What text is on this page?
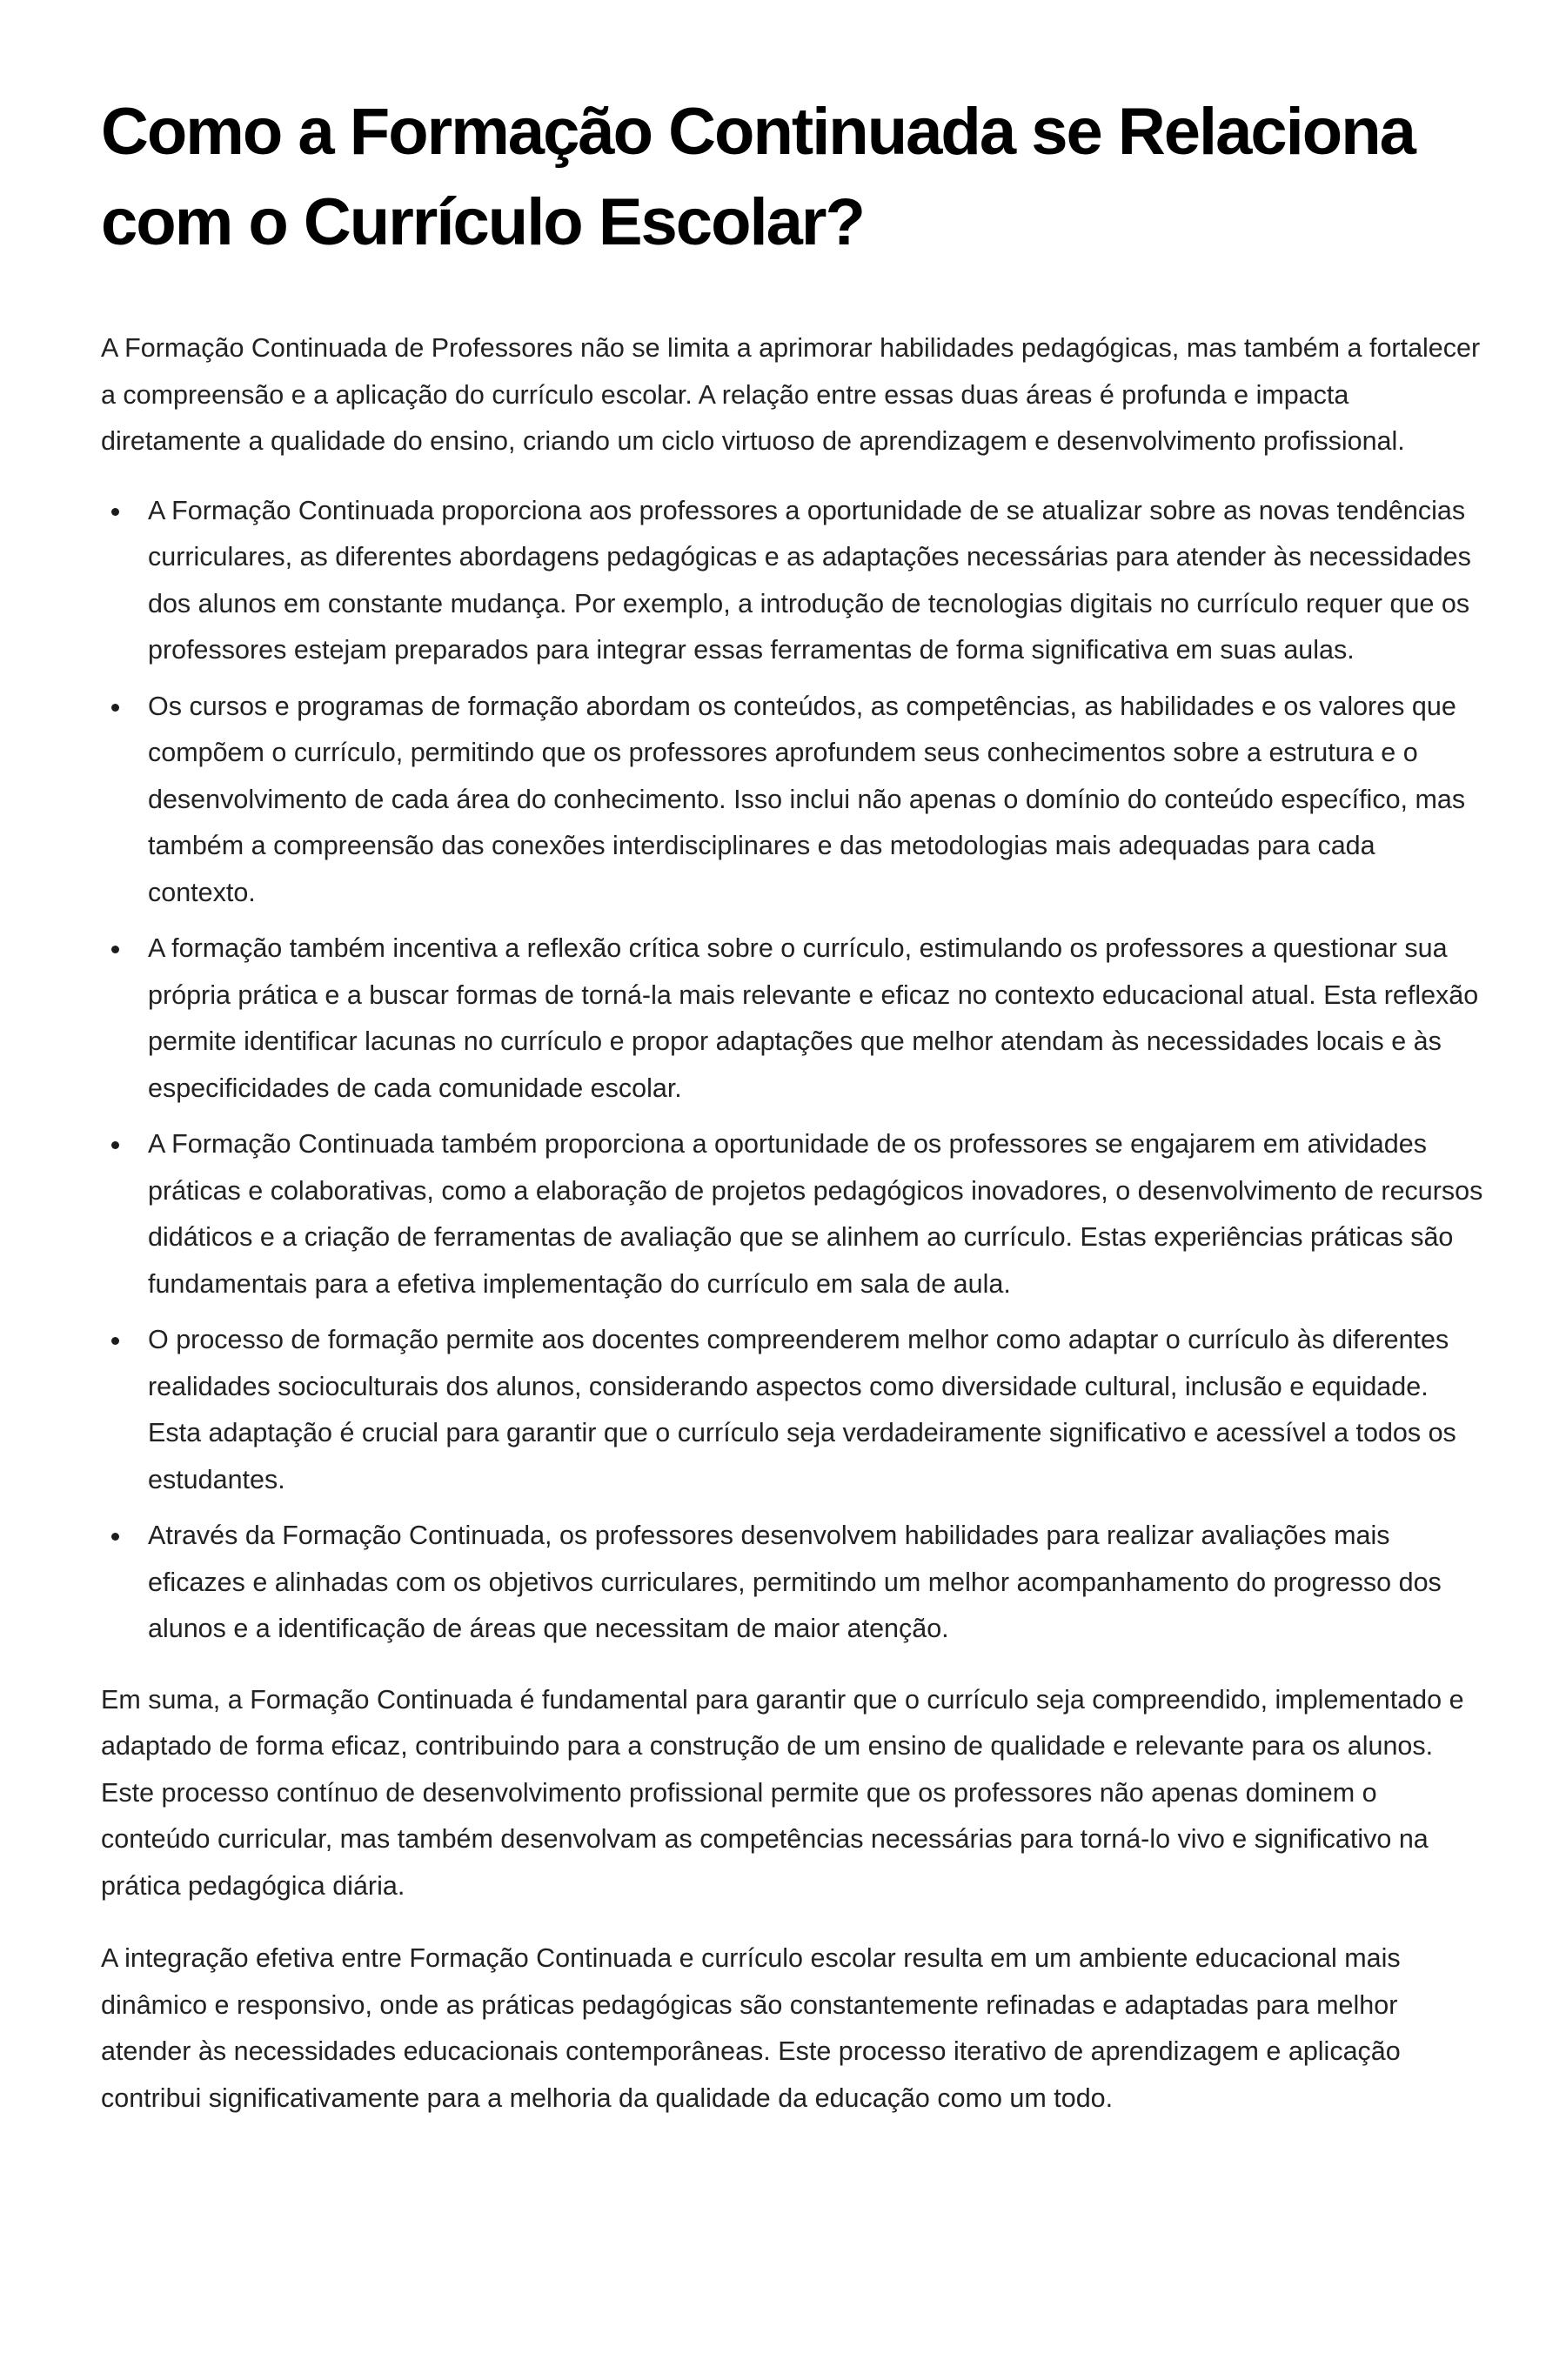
Como a Formação Continuada se Relaciona com o Currículo Escolar?

A Formação Continuada de Professores não se limita a aprimorar habilidades pedagógicas, mas também a fortalecer a compreensão e a aplicação do currículo escolar. A relação entre essas duas áreas é profunda e impacta diretamente a qualidade do ensino, criando um ciclo virtuoso de aprendizagem e desenvolvimento profissional.

A Formação Continuada proporciona aos professores a oportunidade de se atualizar sobre as novas tendências curriculares, as diferentes abordagens pedagógicas e as adaptações necessárias para atender às necessidades dos alunos em constante mudança. Por exemplo, a introdução de tecnologias digitais no currículo requer que os professores estejam preparados para integrar essas ferramentas de forma significativa em suas aulas.
Os cursos e programas de formação abordam os conteúdos, as competências, as habilidades e os valores que compõem o currículo, permitindo que os professores aprofundem seus conhecimentos sobre a estrutura e o desenvolvimento de cada área do conhecimento. Isso inclui não apenas o domínio do conteúdo específico, mas também a compreensão das conexões interdisciplinares e das metodologias mais adequadas para cada contexto.
A formação também incentiva a reflexão crítica sobre o currículo, estimulando os professores a questionar sua própria prática e a buscar formas de torná-la mais relevante e eficaz no contexto educacional atual. Esta reflexão permite identificar lacunas no currículo e propor adaptações que melhor atendam às necessidades locais e às especificidades de cada comunidade escolar.
A Formação Continuada também proporciona a oportunidade de os professores se engajarem em atividades práticas e colaborativas, como a elaboração de projetos pedagógicos inovadores, o desenvolvimento de recursos didáticos e a criação de ferramentas de avaliação que se alinhem ao currículo. Estas experiências práticas são fundamentais para a efetiva implementação do currículo em sala de aula.
O processo de formação permite aos docentes compreenderem melhor como adaptar o currículo às diferentes realidades socioculturais dos alunos, considerando aspectos como diversidade cultural, inclusão e equidade. Esta adaptação é crucial para garantir que o currículo seja verdadeiramente significativo e acessível a todos os estudantes.
Através da Formação Continuada, os professores desenvolvem habilidades para realizar avaliações mais eficazes e alinhadas com os objetivos curriculares, permitindo um melhor acompanhamento do progresso dos alunos e a identificação de áreas que necessitam de maior atenção.

Em suma, a Formação Continuada é fundamental para garantir que o currículo seja compreendido, implementado e adaptado de forma eficaz, contribuindo para a construção de um ensino de qualidade e relevante para os alunos. Este processo contínuo de desenvolvimento profissional permite que os professores não apenas dominem o conteúdo curricular, mas também desenvolvam as competências necessárias para torná-lo vivo e significativo na prática pedagógica diária.

A integração efetiva entre Formação Continuada e currículo escolar resulta em um ambiente educacional mais dinâmico e responsivo, onde as práticas pedagógicas são constantemente refinadas e adaptadas para melhor atender às necessidades educacionais contemporâneas. Este processo iterativo de aprendizagem e aplicação contribui significativamente para a melhoria da qualidade da educação como um todo.
